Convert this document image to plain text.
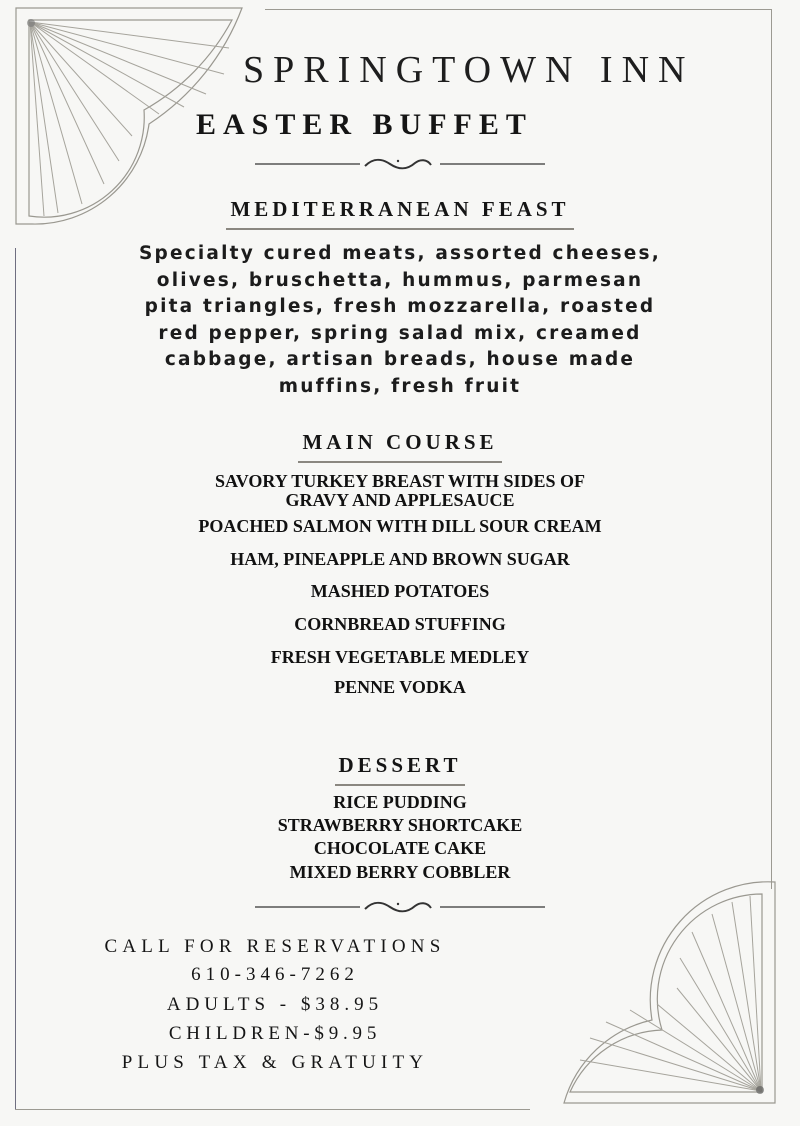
SPRINGTOWN INN
EASTER BUFFET
MEDITERRANEAN FEAST
Specialty cured meats, assorted cheeses,
olives, bruschetta, hummus, parmesan
pita triangles, fresh mozzarella, roasted
red pepper, spring salad mix, creamed
cabbage, artisan breads, house made
muffins, fresh fruit
MAIN COURSE
SAVORY TURKEY BREAST WITH SIDES OF
GRAVY AND APPLESAUCE
POACHED SALMON WITH DILL SOUR CREAM
HAM, PINEAPPLE AND BROWN SUGAR
MASHED POTATOES
CORNBREAD STUFFING
FRESH VEGETABLE MEDLEY
PENNE VODKA
DESSERT
RICE PUDDING
STRAWBERRY SHORTCAKE
CHOCOLATE CAKE
MIXED BERRY COBBLER
CALL FOR RESERVATIONS
610-346-7262
ADULTS - $38.95
CHILDREN-$9.95
PLUS TAX & GRATUITY
